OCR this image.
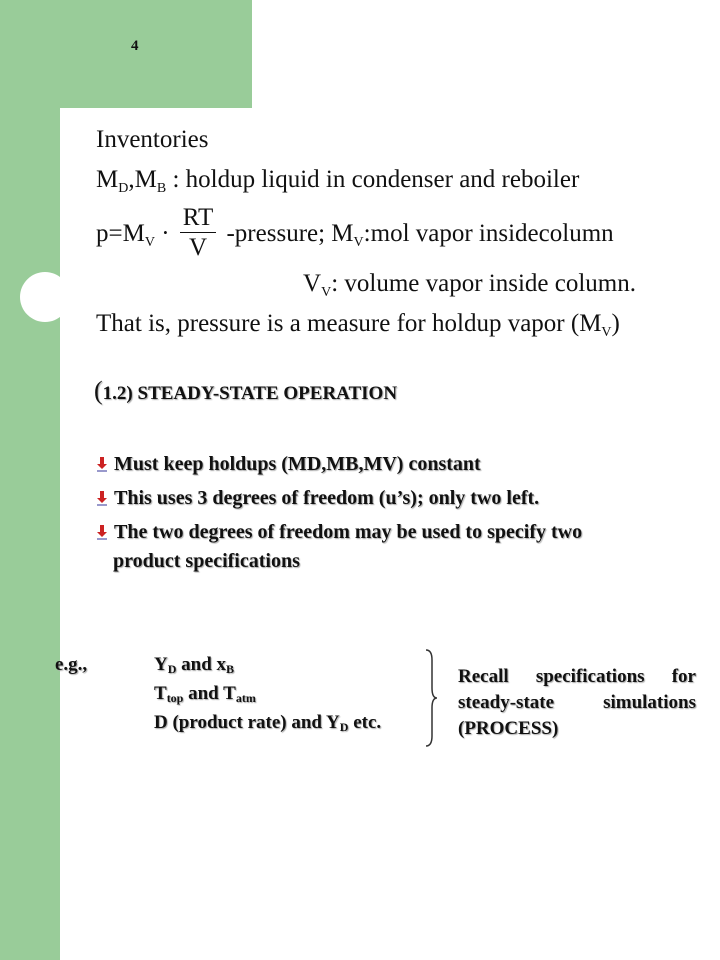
4
Inventories
$M_D,M_B$ : holdup liquid in condenser and reboiler
$p=M_V \cdot \frac{RT}{V}$ -pressure; $M_V:mol$ vapor insidecolumn
$V_V$: volume vapor inside column.
That is, pressure is a measure for holdup vapor $(M_V)$
(1.2) STEADY-STATE OPERATION
Must keep holdups (MD,MB,MV) constant
This uses 3 degrees of freedom (u’s); only two left.
The two degrees of freedom may be used to specify two
product specifications
e.g.,	$Y_D$ and $x_B$
$T_{top}$ and $T_{atm}$
D (product rate) and $Y_D$ etc.
Recall specifications for steady-state simulations (PROCESS)
